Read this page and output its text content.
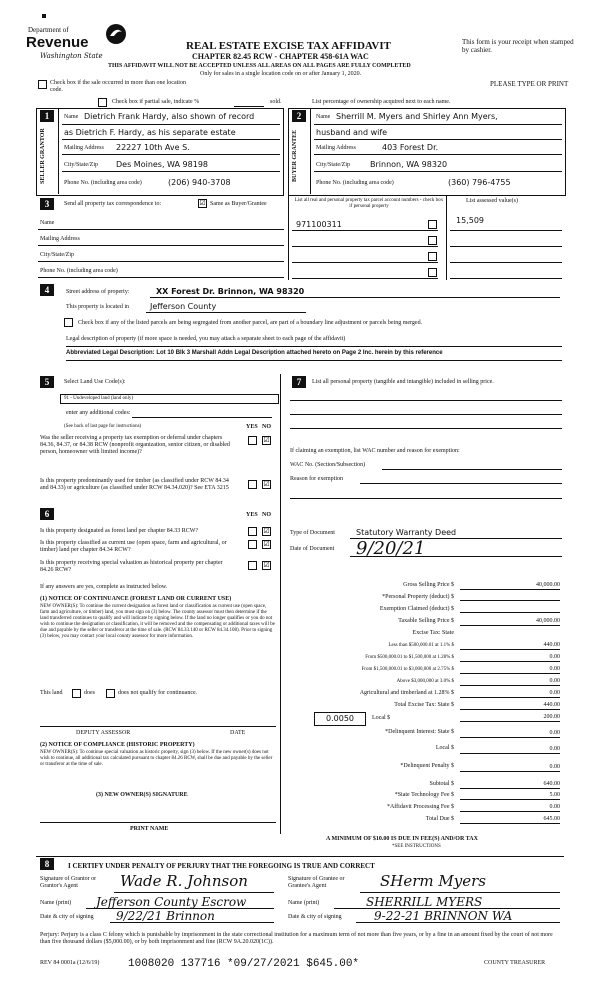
Department of
Revenue
Washington State
REAL ESTATE EXCISE TAX AFFIDAVIT
CHAPTER 82.45 RCW - CHAPTER 458-61A WAC
THIS AFFIDAVIT WILL NOT BE ACCEPTED UNLESS ALL AREAS ON ALL PAGES ARE FULLY COMPLETED
Only for sales in a single location code on or after January 1, 2020.
This form is your receipt when stamped by cashier.
PLEASE TYPE OR PRINT
Check box if the sale occurred in more than one location code.
Check box if partial sale, indicate %	sold.	List percentage of ownership acquired next to each name.
1
SELLER GRANTOR
Name Dietrich Frank Hardy, also shown of record
as Dietrich F. Hardy, as his separate estate
Mailing Address 22227 10th Ave S.
City/State/Zip Des Moines, WA 98198
Phone No. (including area code)	(206) 940-3708
2
BUYER GRANTEE
Name Sherrill M. Myers and Shirley Ann Myers,
husband and wife
Mailing Address	403 Forest Dr.
City/State/Zip	Brinnon, WA 98320
Phone No. (including area code)	(360) 796-4755
3	Send all property tax correspondence to:	☑ Same as Buyer/Grantee
Name
Mailing Address
City/State/Zip
Phone No. (including area code)
List all real and personal property tax parcel account numbers - check box if personal property
List assessed value(s)
971100311	15,509
4	Street address of property:	XX Forest Dr. Brinnon, WA 98320
This property is located in	Jefferson County
Check box if any of the listed parcels are being segregated from another parcel, are part of a boundary line adjustment or parcels being merged.
Legal description of property (if more space is needed, you may attach a separate sheet to each page of the affidavit)
Abbreviated Legal Description: Lot 10 Blk 3 Marshall Addn Legal Description attached hereto on Page 2 Inc. herein by this reference
5	Select Land Use Code(s):
91 - Undeveloped land (land only)
enter any additional codes:
(See back of last page for instructions)	YES NO
Was the seller receiving a property tax exemption or deferral under chapters 84.36, 84.37, or 84.38 RCW (nonprofit organization, senior citizen, or disabled person, homeowner with limited income)?
☑
Is this property predominantly used for timber (as classified under RCW 84.34 and 84.33) or agriculture (as classified under RCW 84.34.020)? See ETA 3215	☑
6	YES NO
Is this property designated as forest land per chapter 84.33 RCW?	☑
Is this property classified as current use (open space, farm and agricultural, or timber) land per chapter 84.34 RCW?
☑
Is this property receiving special valuation as historical property per chapter 84.26 RCW?
☑
If any answers are yes, complete as instructed below.
(1) NOTICE OF CONTINUANCE (FOREST LAND OR CURRENT USE)
NEW OWNER(S): To continue the current designation as forest land or classification as current use (open space, farm and agriculture, or timber) land, you must sign on (3) below. The county assessor must then determine if the land transferred continues to qualify and will indicate by signing below. If the land no longer qualifies or you do not wish to continue the designation or classification, it will be removed and the compensating or additional taxes will be due and payable by the seller or transferor at the time of sale. (RCW 84.33.140 or RCW 84.34.108). Prior to signing (3) below, you may contact your local county assessor for more information.
This land	does	does not qualify for continuance.
DEPUTY ASSESSOR	DATE
(2) NOTICE OF COMPLIANCE (HISTORIC PROPERTY)
NEW OWNER(S): To continue special valuation as historic property, sign (3) below. If the new owner(s) does not wish to continue, all additional tax calculated pursuant to chapter 84.26 RCW, shall be due and payable by the seller or transferor at the time of sale.
(3) NEW OWNER(S) SIGNATURE
PRINT NAME
7	List all personal property (tangible and intangible) included in selling price.
If claiming an exemption, list WAC number and reason for exemption:
WAC No. (Section/Subsection)
Reason for exemption
Type of Document	Statutory Warranty Deed
Date of Document 9/20/21
Gross Selling Price $	40,000.00
*Personal Property (deduct) $
Exemption Claimed (deduct) $
Taxable Selling Price $	40,000.00
Excise Tax: State
Less than $500,000.01 at 1.1% $	440.00
From $500,000.01 to $1,500,000 at 1.28% $	0.00
From $1,500,000.01 to $3,000,000 at 2.75% $	0.00
Above $3,000,000 at 3.0% $	0.00
Agricultural and timberland at 1.28% $	0.00
Total Excise Tax: State $	440.00
0.0050	Local $	200.00
*Delinquent Interest: State $	0.00
Local $	0.00
*Delinquent Penalty $	0.00
Subtotal $	640.00
*State Technology Fee $	5.00
*Affidavit Processing Fee $	0.00
Total Due $	645.00
A MINIMUM OF $10.00 IS DUE IN FEE(S) AND/OR TAX
*SEE INSTRUCTIONS
8	I CERTIFY UNDER PENALTY OF PERJURY THAT THE FOREGOING IS TRUE AND CORRECT
Signature of Grantor or Grantor's Agent	Wade R. Johnson	Signature of Grantee or Grantee's Agent	SHerm Myers
Name (print) Jefferson County Escrow	Name (print)	SHERRILL MYERS
Date & city of signing 9/22/21 Brinnon	Date & city of signing	9-22-21 BRINNON WA
Perjury: Perjury is a class C felony which is punishable by imprisonment in the state correctional institution for a maximum term of not more than five years, or by a fine in an amount fixed by the court of not more than five thousand dollars ($5,000.00), or by both imprisonment and fine (RCW 9A.20.020(1C)).
REV 84 0001a (12/6/19)	1008020 137716 *09/27/2021 $645.00*	COUNTY TREASURER
